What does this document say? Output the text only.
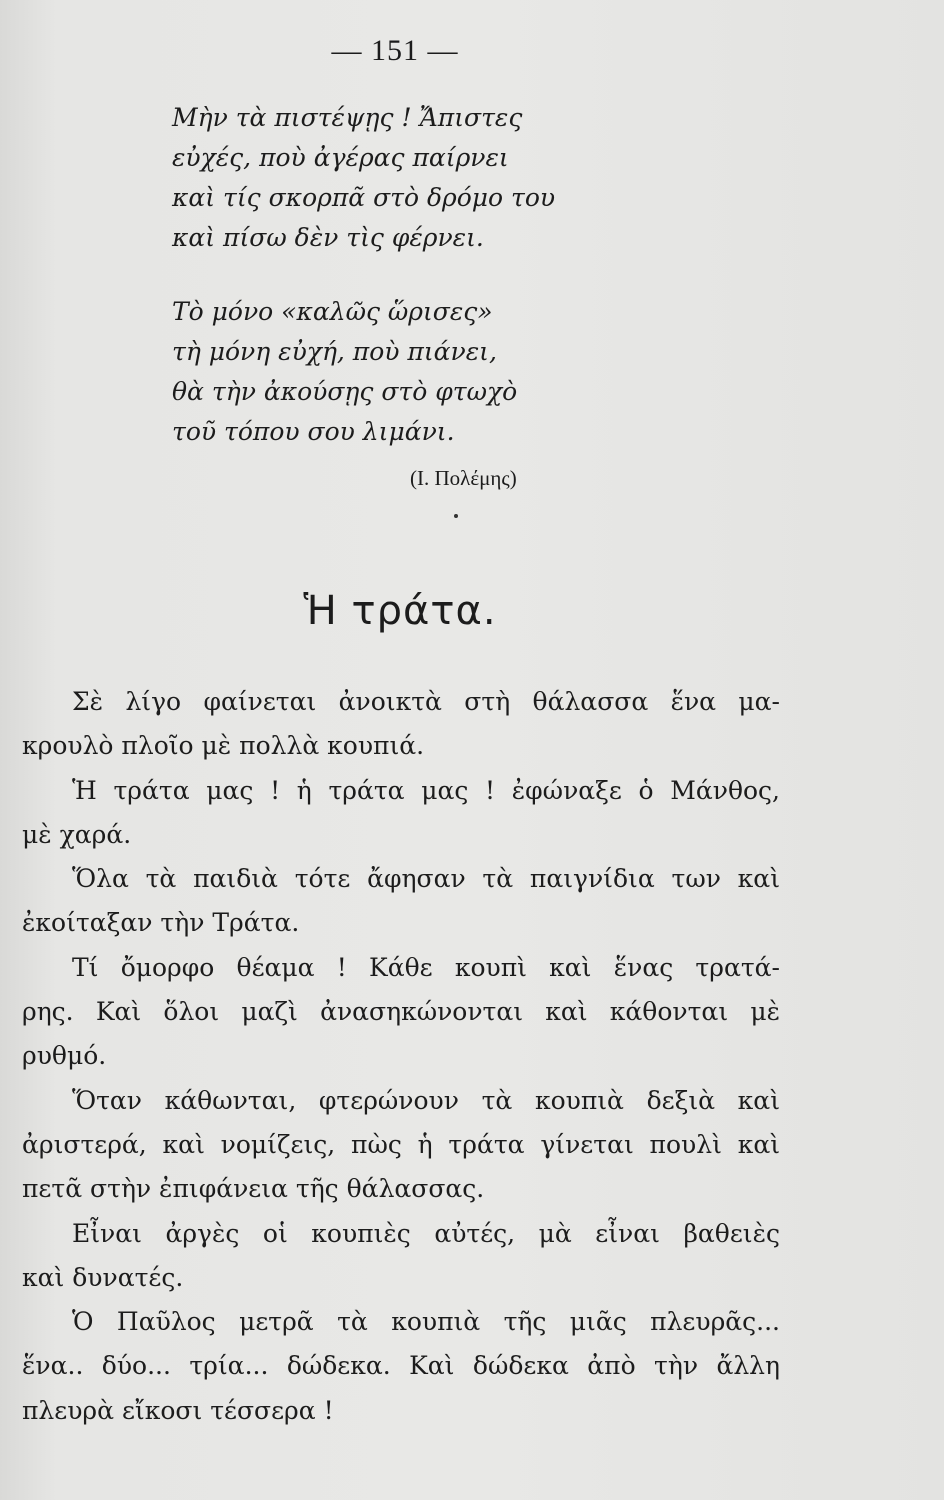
— 151 —
Μὴν τὰ πιστέψῃς ! Ἄπιστες
εὐχές, ποὺ ἀγέρας παίρνει
καὶ τίς σκορπᾶ στὸ δρόμο του
καὶ πίσω δὲν τὶς φέρνει.
Τὸ μόνο «καλῶς ὥρισες»
τὴ μόνη εὐχή, ποὺ πιάνει,
θὰ τὴν ἀκούσῃς στὸ φτωχὸ
τοῦ τόπου σου λιμάνι.
(Ι. Πολέμης)
Ἡ τράτα.
Σὲ λίγο φαίνεται ἀνοικτὰ στὴ θάλασσα ἕνα μα-
κρουλὸ πλοῖο μὲ πολλὰ κουπιά.
Ἡ τράτα μας ! ἡ τράτα μας ! ἐφώναξε ὁ Μάνθος,
μὲ χαρά.
Ὅλα τὰ παιδιὰ τότε ἄφησαν τὰ παιγνίδια των καὶ
ἐκοίταξαν τὴν Τράτα.
Τί ὄμορφο θέαμα ! Κάθε κουπὶ καὶ ἕνας τρατά-
ρης. Καὶ ὅλοι μαζὶ ἀνασηκώνονται καὶ κάθονται μὲ
ρυθμό.
Ὅταν κάθωνται, φτερώνουν τὰ κουπιὰ δεξιὰ καὶ
ἀριστερά, καὶ νομίζεις, πὼς ἡ τράτα γίνεται πουλὶ καὶ
πετᾶ στὴν ἐπιφάνεια τῆς θάλασσας.
Εἶναι ἀργὲς οἱ κουπιὲς αὐτές, μὰ εἶναι βαθειὲς
καὶ δυνατές.
Ὁ Παῦλος μετρᾶ τὰ κουπιὰ τῆς μιᾶς πλευρᾶς...
ἕνα.. δύο... τρία... δώδεκα. Καὶ δώδεκα ἀπὸ τὴν ἄλλη
πλευρὰ εἴκοσι τέσσερα !
